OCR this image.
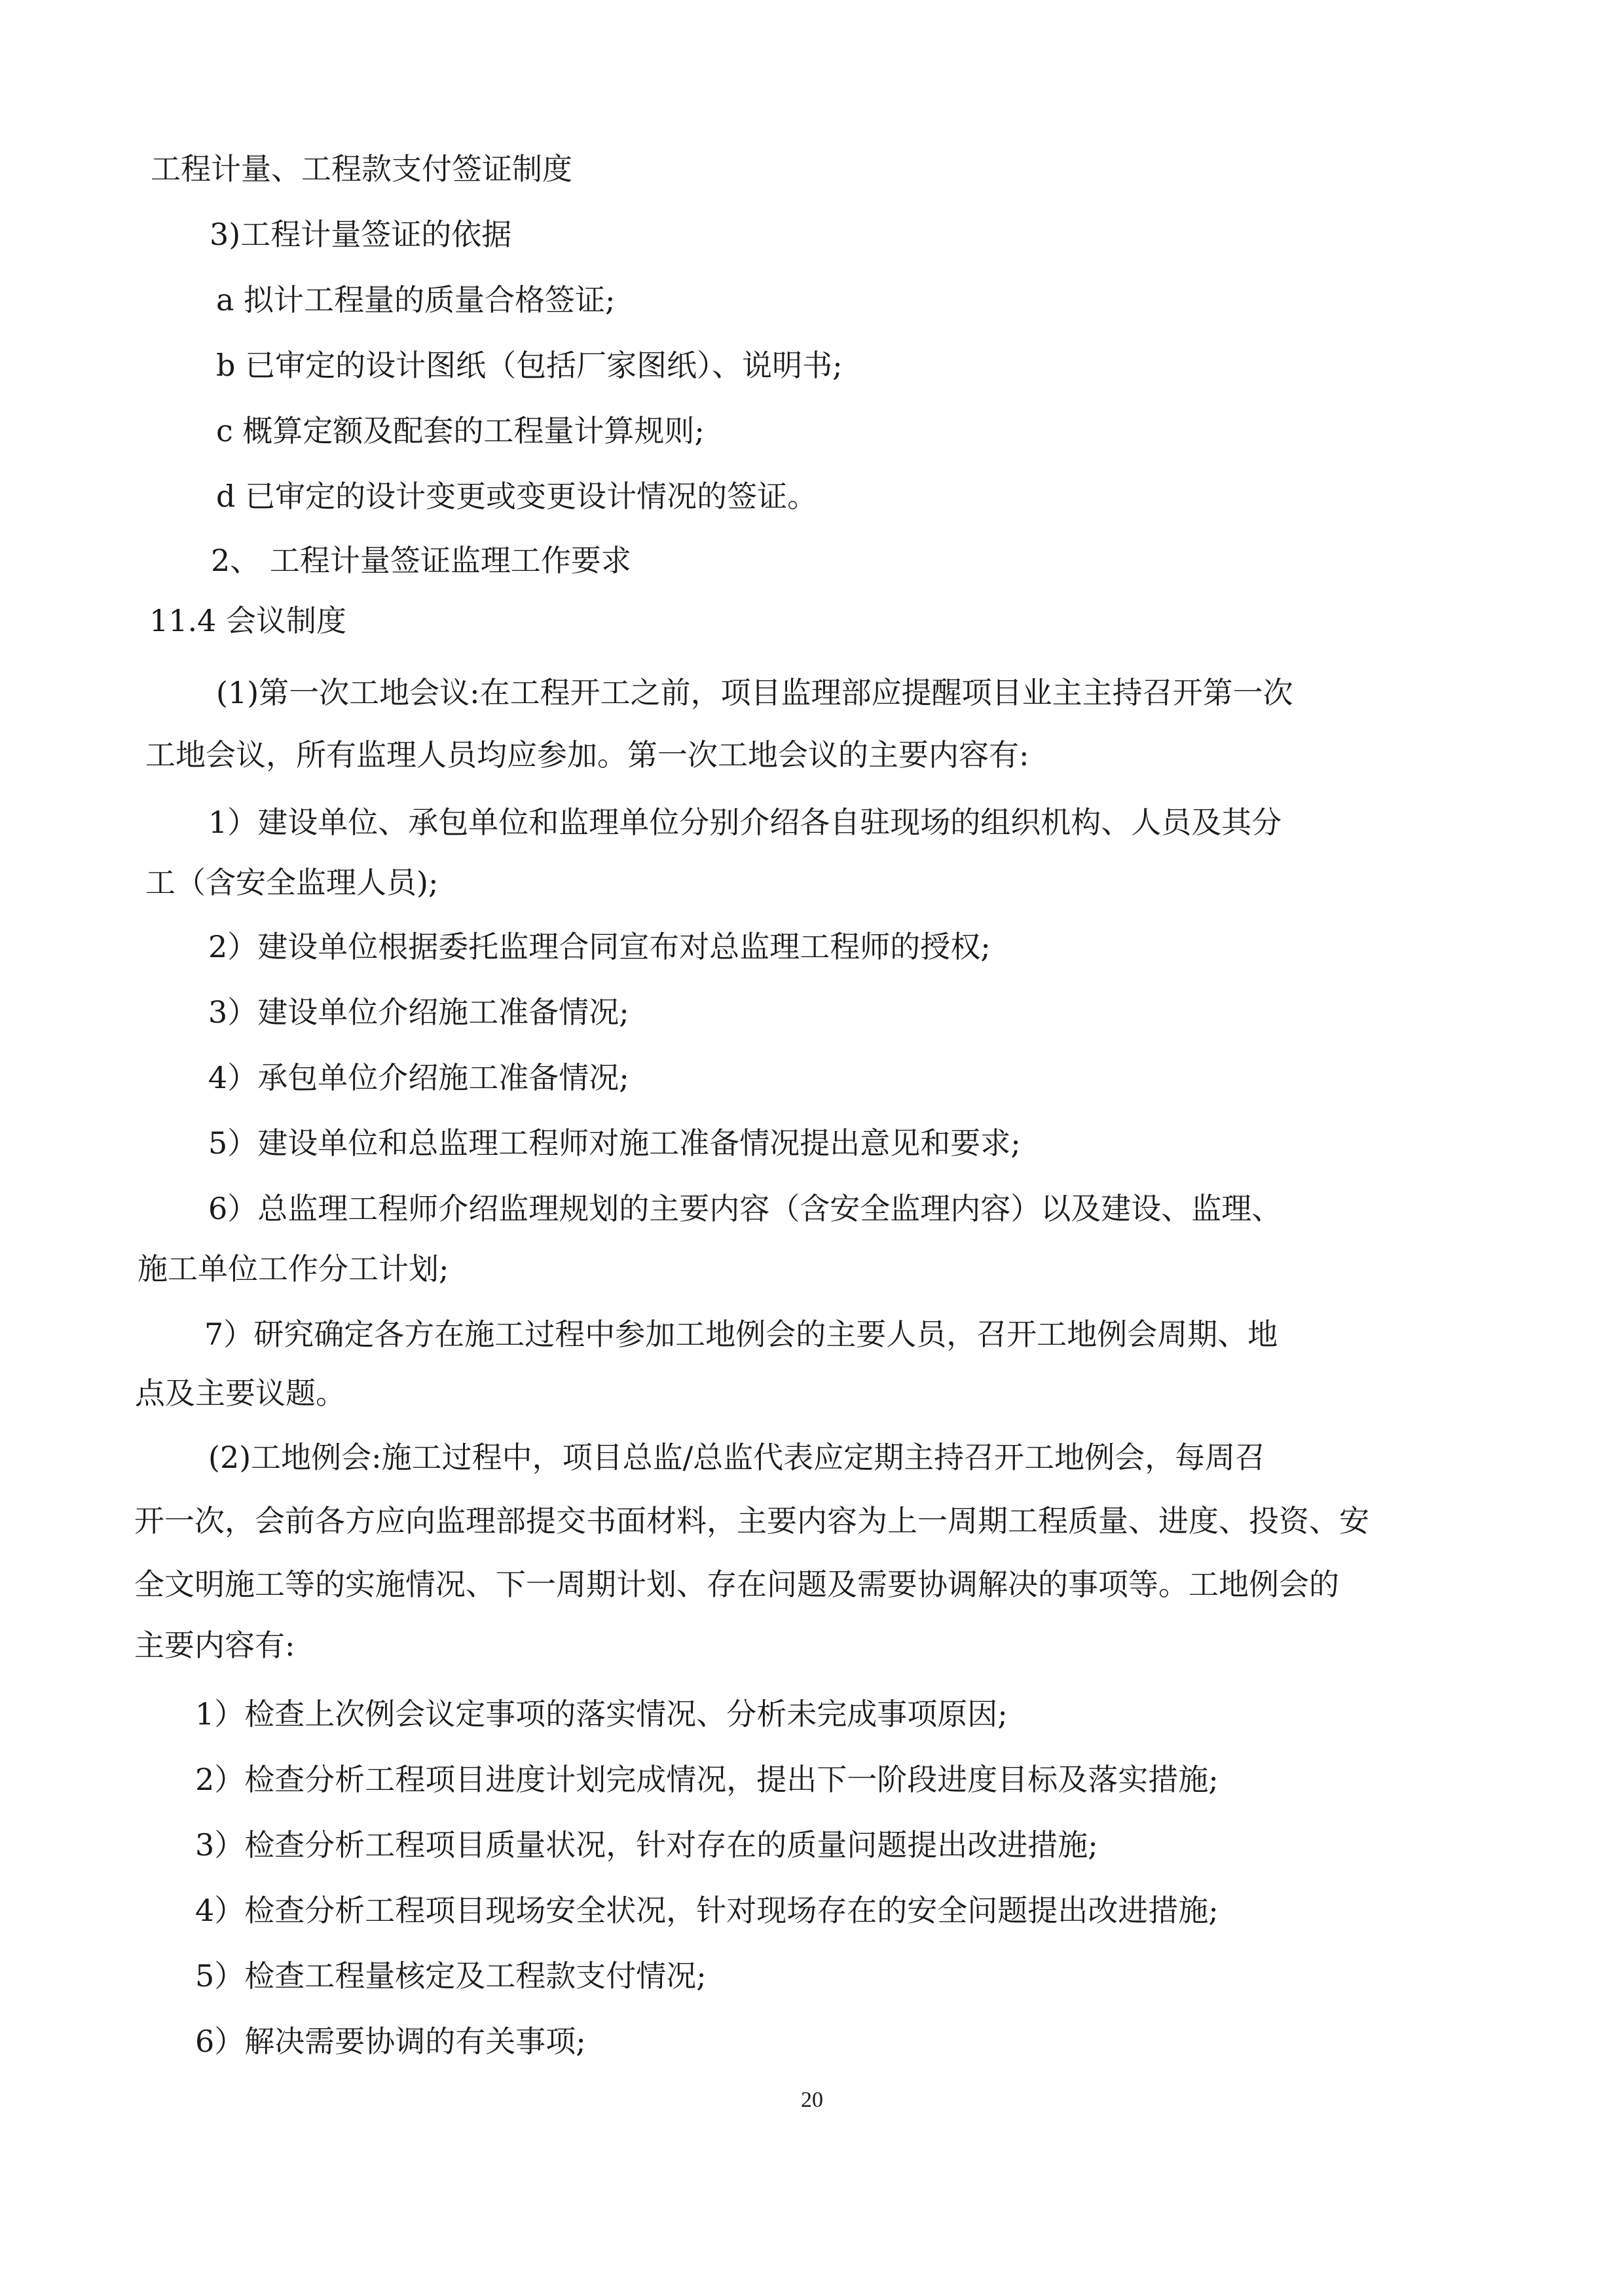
工程计量、工程款支付签证制度

3)工程计量签证的依据

a 拟计工程量的质量合格签证;

b 已审定的设计图纸（包括厂家图纸）、说明书;

c 概算定额及配套的工程量计算规则;

d 已审定的设计变更或变更设计情况的签证。

2、 工程计量签证监理工作要求

11.4 会议制度

(1)第一次工地会议:在工程开工之前，项目监理部应提醒项目业主主持召开第一次

工地会议，所有监理人员均应参加。第一次工地会议的主要内容有:

1）建设单位、承包单位和监理单位分别介绍各自驻现场的组织机构、人员及其分

工（含安全监理人员);

2）建设单位根据委托监理合同宣布对总监理工程师的授权;

3）建设单位介绍施工准备情况;

4）承包单位介绍施工准备情况;

5）建设单位和总监理工程师对施工准备情况提出意见和要求;

6）总监理工程师介绍监理规划的主要内容（含安全监理内容）以及建设、监理、

施工单位工作分工计划;

7）研究确定各方在施工过程中参加工地例会的主要人员，召开工地例会周期、地

点及主要议题。

(2)工地例会:施工过程中，项目总监/总监代表应定期主持召开工地例会，每周召

开一次，会前各方应向监理部提交书面材料，主要内容为上一周期工程质量、进度、投资、安

全文明施工等的实施情况、下一周期计划、存在问题及需要协调解决的事项等。工地例会的

主要内容有:

1）检查上次例会议定事项的落实情况、分析未完成事项原因;

2）检查分析工程项目进度计划完成情况，提出下一阶段进度目标及落实措施;

3）检查分析工程项目质量状况，针对存在的质量问题提出改进措施;

4）检查分析工程项目现场安全状况，针对现场存在的安全问题提出改进措施;

5）检查工程量核定及工程款支付情况;

6）解决需要协调的有关事项;

20
